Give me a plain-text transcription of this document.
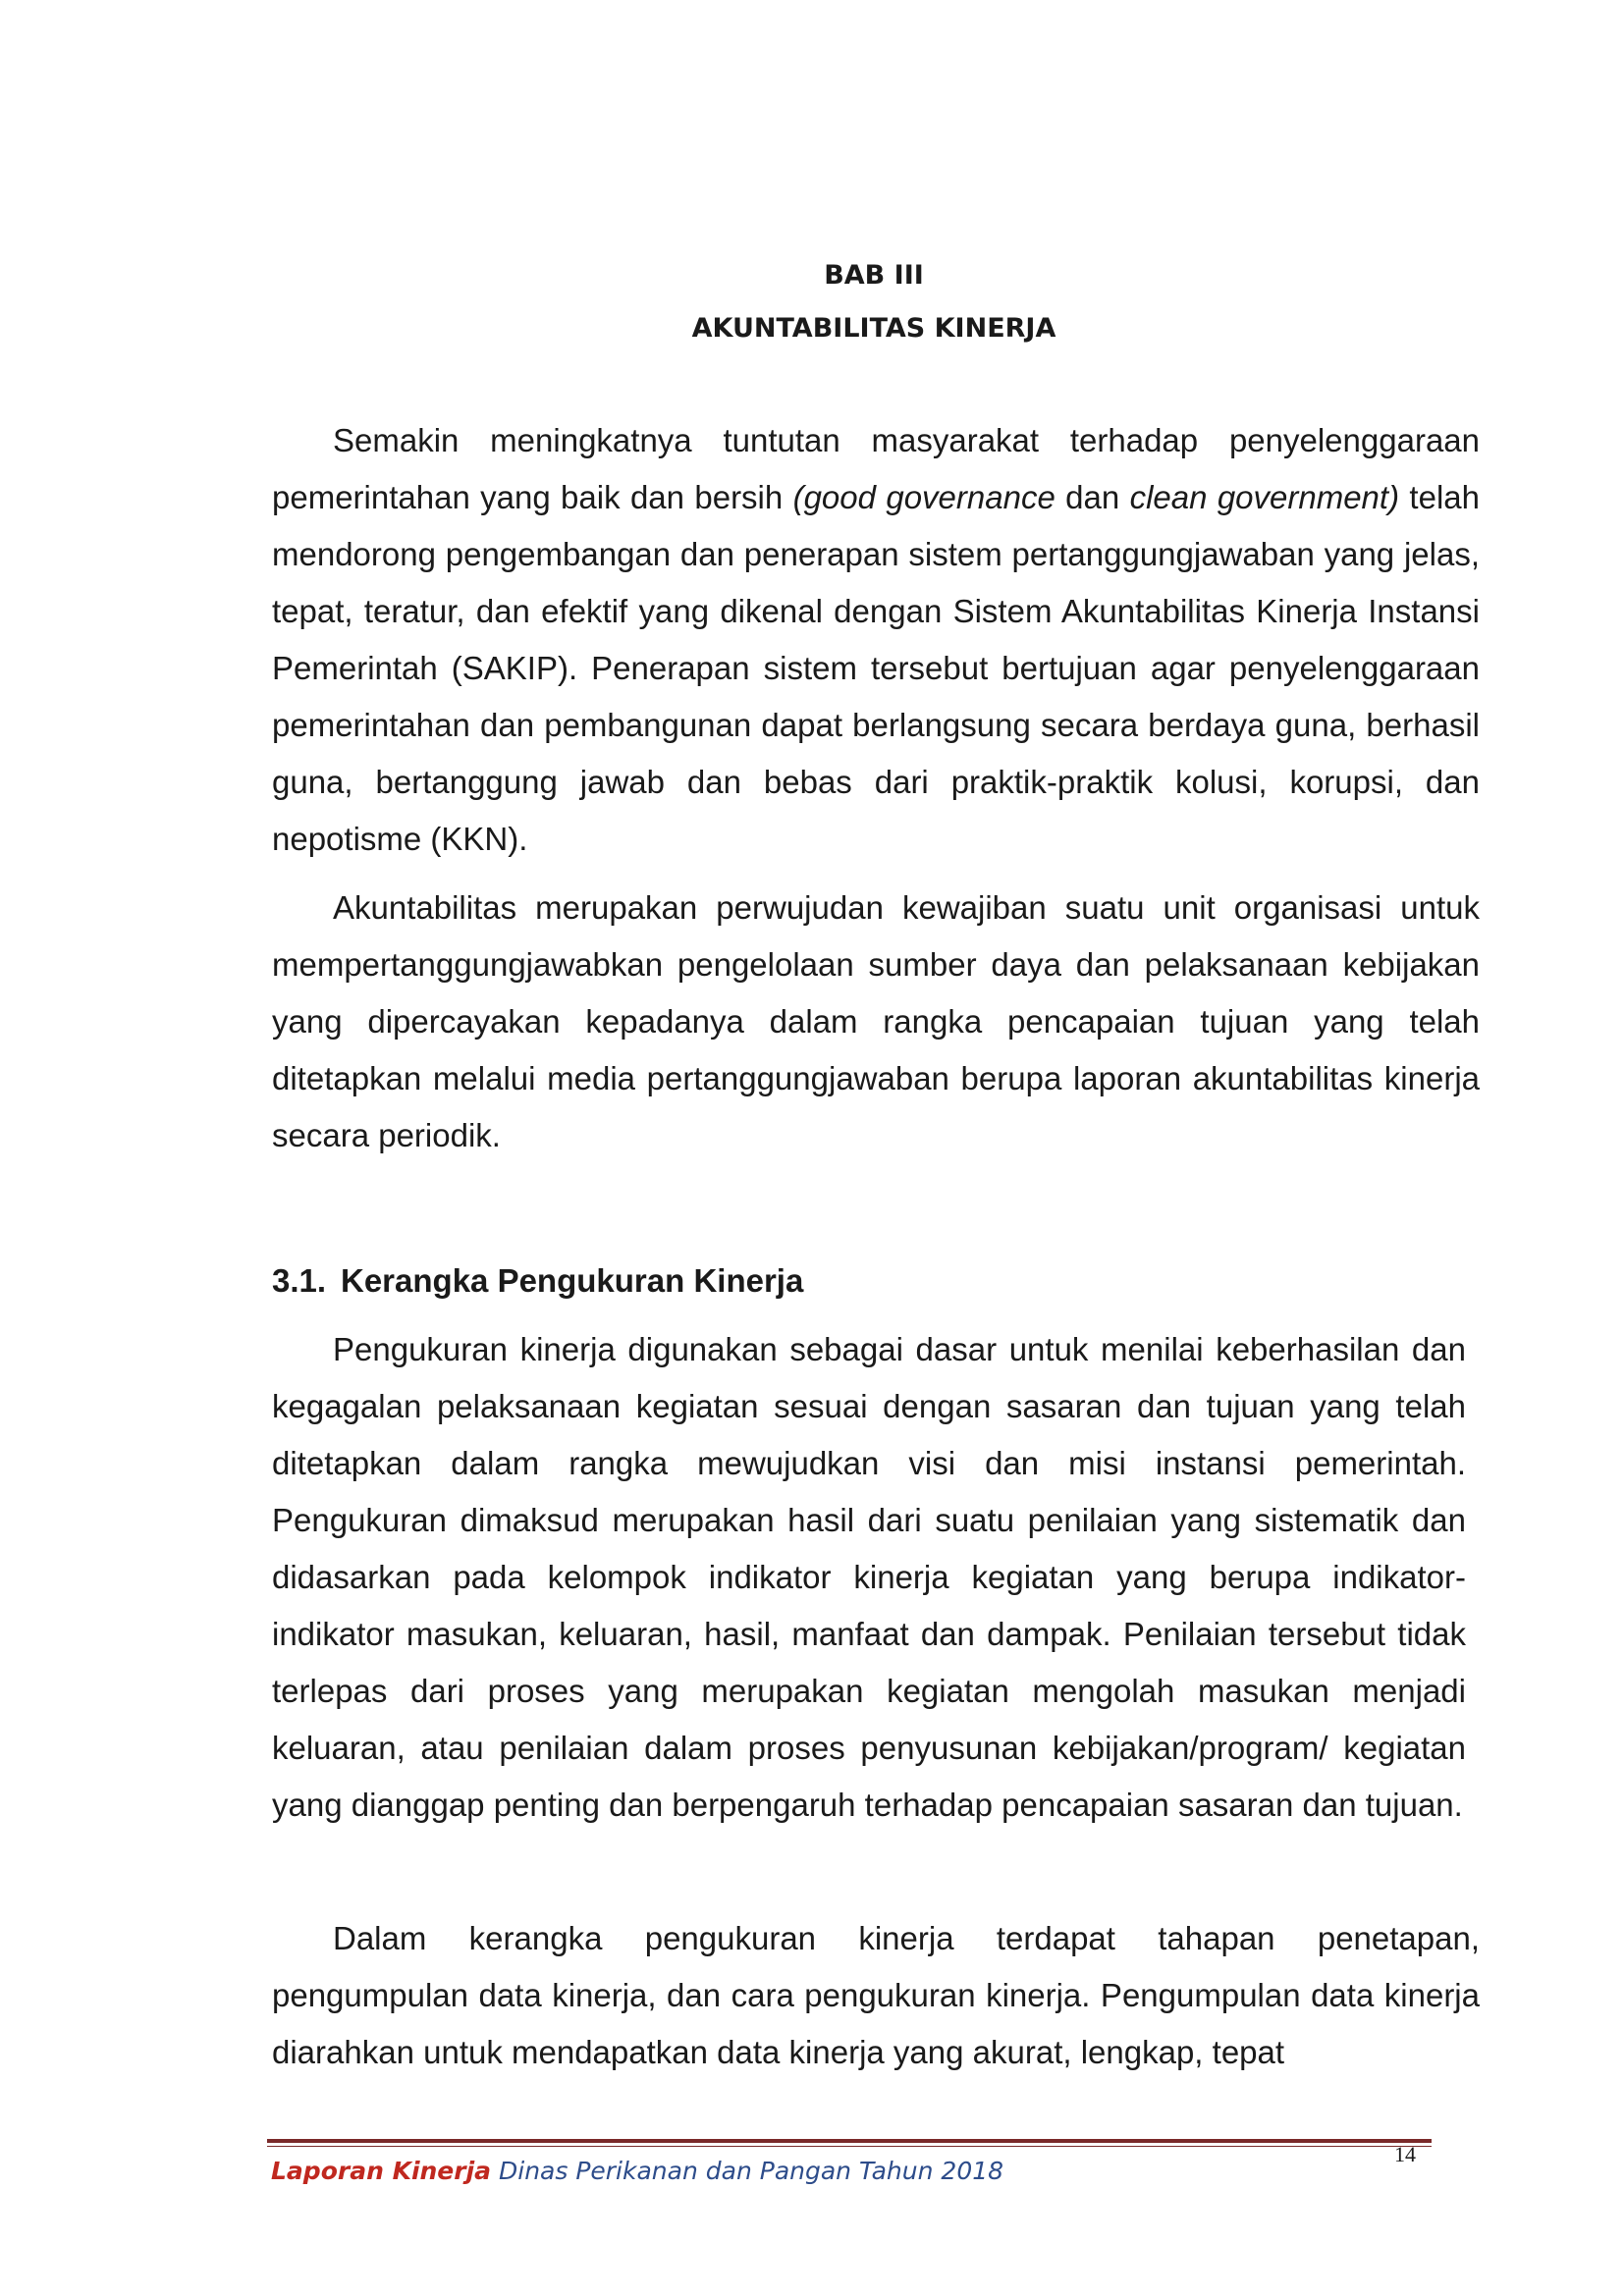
BAB III
AKUNTABILITAS KINERJA

Semakin meningkatnya tuntutan masyarakat terhadap penyelenggaraan pemerintahan yang baik dan bersih (good governance dan clean government) telah mendorong pengembangan dan penerapan sistem pertanggungjawaban yang jelas, tepat, teratur, dan efektif yang dikenal dengan Sistem Akuntabilitas Kinerja Instansi Pemerintah (SAKIP). Penerapan sistem tersebut bertujuan agar penyelenggaraan pemerintahan dan pembangunan dapat berlangsung secara berdaya guna, berhasil guna, bertanggung jawab dan bebas dari praktik-praktik kolusi, korupsi, dan nepotisme (KKN).

Akuntabilitas merupakan perwujudan kewajiban suatu unit organisasi untuk mempertanggungjawabkan pengelolaan sumber daya dan pelaksanaan kebijakan yang dipercayakan kepadanya dalam rangka pencapaian tujuan yang telah ditetapkan melalui media pertanggungjawaban berupa laporan akuntabilitas kinerja secara periodik.

3.1. Kerangka Pengukuran Kinerja

Pengukuran kinerja digunakan sebagai dasar untuk menilai keberhasilan dan kegagalan pelaksanaan kegiatan sesuai dengan sasaran dan tujuan yang telah ditetapkan dalam rangka mewujudkan visi dan misi instansi pemerintah. Pengukuran dimaksud merupakan hasil dari suatu penilaian yang sistematik dan didasarkan pada kelompok indikator kinerja kegiatan yang berupa indikator-indikator masukan, keluaran, hasil, manfaat dan dampak. Penilaian tersebut tidak terlepas dari proses yang merupakan kegiatan mengolah masukan menjadi keluaran, atau penilaian dalam proses penyusunan kebijakan/program/ kegiatan yang dianggap penting dan berpengaruh terhadap pencapaian sasaran dan tujuan.

Dalam kerangka pengukuran kinerja terdapat tahapan penetapan, pengumpulan data kinerja, dan cara pengukuran kinerja. Pengumpulan data kinerja diarahkan untuk mendapatkan data kinerja yang akurat, lengkap, tepat

Laporan Kinerja Dinas Perikanan dan Pangan Tahun 2018
14
